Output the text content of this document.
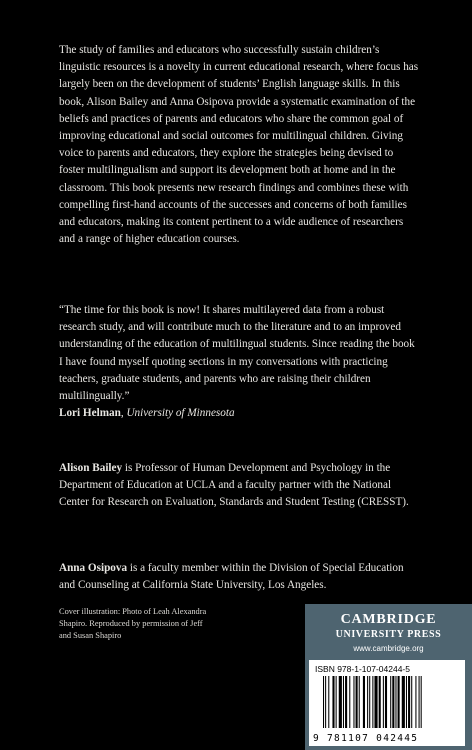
The study of families and educators who successfully sustain children’s linguistic resources is a novelty in current educational research, where focus has largely been on the development of students’ English language skills. In this book, Alison Bailey and Anna Osipova provide a systematic examination of the beliefs and practices of parents and educators who share the common goal of improving educational and social outcomes for multilingual children. Giving voice to parents and educators, they explore the strategies being devised to foster multilingualism and support its development both at home and in the classroom. This book presents new research findings and combines these with compelling first-hand accounts of the successes and concerns of both families and educators, making its content pertinent to a wide audience of researchers and a range of higher education courses.

“The time for this book is now! It shares multilayered data from a robust research study, and will contribute much to the literature and to an improved understanding of the education of multilingual students. Since reading the book I have found myself quoting sections in my conversations with practicing teachers, graduate students, and parents who are raising their children multilingually.”

Lori Helman, University of Minnesota

Alison Bailey is Professor of Human Development and Psychology in the Department of Education at UCLA and a faculty partner with the National Center for Research on Evaluation, Standards and Student Testing (CRESST).

Anna Osipova is a faculty member within the Division of Special Education and Counseling at California State University, Los Angeles.

Cover illustration: Photo of Leah Alexandra Shapiro. Reproduced by permission of Jeff and Susan Shapiro

CAMBRIDGE
UNIVERSITY PRESS
www.cambridge.org
ISBN 978-1-107-04244-5
9 781107 042445
